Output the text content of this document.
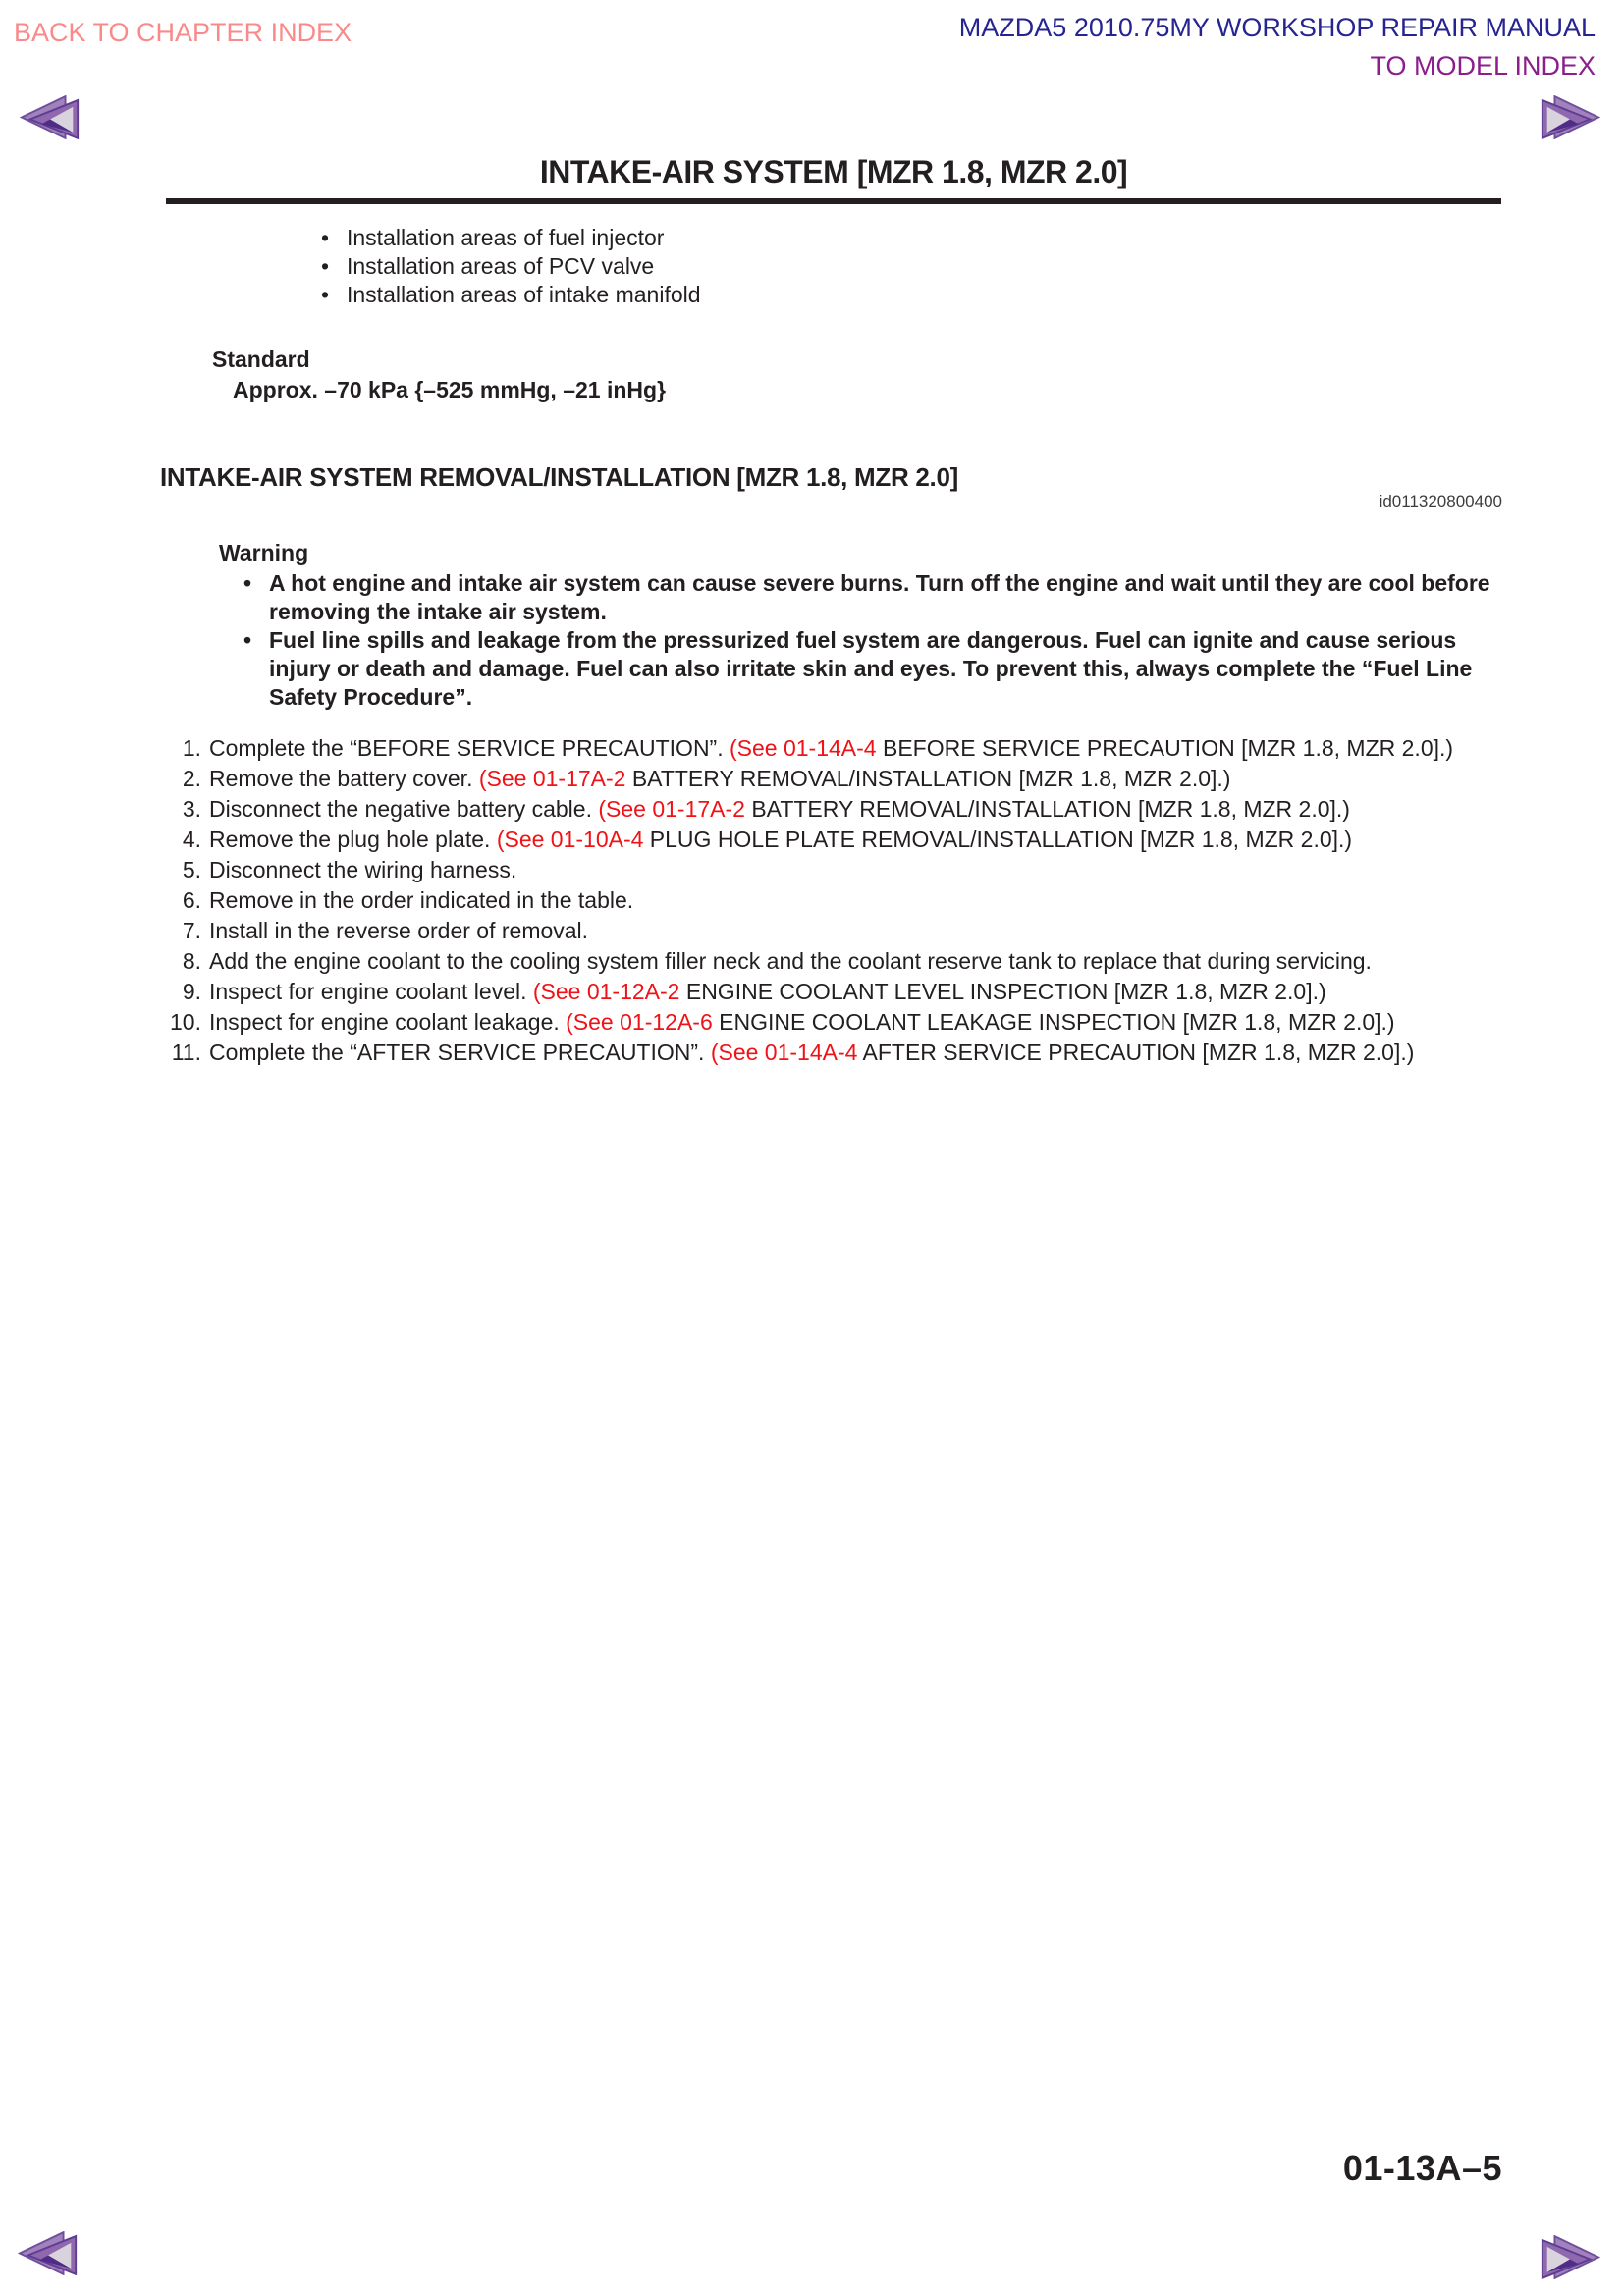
BACK TO CHAPTER INDEX	MAZDA5 2010.75MY WORKSHOP REPAIR MANUAL
TO MODEL INDEX
INTAKE-AIR SYSTEM [MZR 1.8, MZR 2.0]
• Installation areas of fuel injector
• Installation areas of PCV valve
• Installation areas of intake manifold
Standard
Approx. –70 kPa {–525 mmHg, –21 inHg}
INTAKE-AIR SYSTEM REMOVAL/INSTALLATION [MZR 1.8, MZR 2.0]
id011320800400
Warning
• A hot engine and intake air system can cause severe burns. Turn off the engine and wait until they are cool before removing the intake air system.
• Fuel line spills and leakage from the pressurized fuel system are dangerous. Fuel can ignite and cause serious injury or death and damage. Fuel can also irritate skin and eyes. To prevent this, always complete the “Fuel Line Safety Procedure”.
1. Complete the “BEFORE SERVICE PRECAUTION”. (See 01-14A-4 BEFORE SERVICE PRECAUTION [MZR 1.8, MZR 2.0].)
2. Remove the battery cover. (See 01-17A-2 BATTERY REMOVAL/INSTALLATION [MZR 1.8, MZR 2.0].)
3. Disconnect the negative battery cable. (See 01-17A-2 BATTERY REMOVAL/INSTALLATION [MZR 1.8, MZR 2.0].)
4. Remove the plug hole plate. (See 01-10A-4 PLUG HOLE PLATE REMOVAL/INSTALLATION [MZR 1.8, MZR 2.0].)
5. Disconnect the wiring harness.
6. Remove in the order indicated in the table.
7. Install in the reverse order of removal.
8. Add the engine coolant to the cooling system filler neck and the coolant reserve tank to replace that during servicing.
9. Inspect for engine coolant level. (See 01-12A-2 ENGINE COOLANT LEVEL INSPECTION [MZR 1.8, MZR 2.0].)
10. Inspect for engine coolant leakage. (See 01-12A-6 ENGINE COOLANT LEAKAGE INSPECTION [MZR 1.8, MZR 2.0].)
11. Complete the “AFTER SERVICE PRECAUTION”. (See 01-14A-4 AFTER SERVICE PRECAUTION [MZR 1.8, MZR 2.0].)
01-13A–5
